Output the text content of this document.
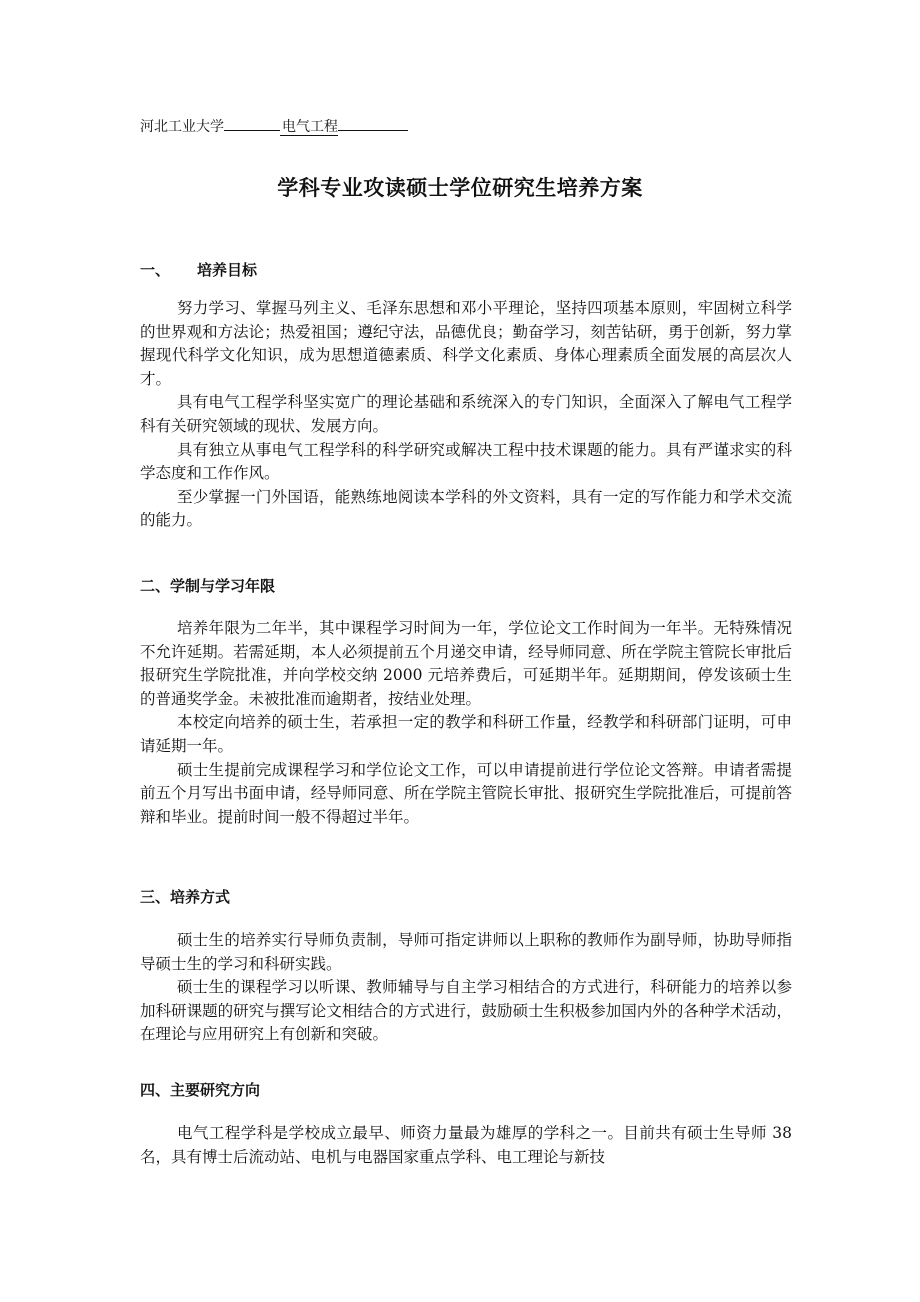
河北工业大学	电气工程
学科专业攻读硕士学位研究生培养方案
一、 培养目标

努力学习、掌握马列主义、毛泽东思想和邓小平理论，坚持四项基本原则，牢固树立科学的世界观和方法论；热爱祖国；遵纪守法，品德优良；勤奋学习，刻苦钻研，勇于创新，努力掌握现代科学文化知识，成为思想道德素质、科学文化素质、身体心理素质全面发展的高层次人才。

具有电气工程学科坚实宽广的理论基础和系统深入的专门知识，全面深入了解电气工程学科有关研究领域的现状、发展方向。

具有独立从事电气工程学科的科学研究或解决工程中技术课题的能力。具有严谨求实的科学态度和工作作风。

至少掌握一门外国语，能熟练地阅读本学科的外文资料，具有一定的写作能力和学术交流的能力。

二、学制与学习年限

培养年限为二年半，其中课程学习时间为一年，学位论文工作时间为一年半。无特殊情况不允许延期。若需延期，本人必须提前五个月递交申请，经导师同意、所在学院主管院长审批后报研究生学院批准，并向学校交纳 2000 元培养费后，可延期半年。延期期间，停发该硕士生的普通奖学金。未被批准而逾期者，按结业处理。

本校定向培养的硕士生，若承担一定的教学和科研工作量，经教学和科研部门证明，可申请延期一年。

硕士生提前完成课程学习和学位论文工作，可以申请提前进行学位论文答辩。申请者需提前五个月写出书面申请，经导师同意、所在学院主管院长审批、报研究生学院批准后，可提前答辩和毕业。提前时间一般不得超过半年。

三、培养方式

硕士生的培养实行导师负责制，导师可指定讲师以上职称的教师作为副导师，协助导师指导硕士生的学习和科研实践。

硕士生的课程学习以听课、教师辅导与自主学习相结合的方式进行，科研能力的培养以参加科研课题的研究与撰写论文相结合的方式进行，鼓励硕士生积极参加国内外的各种学术活动，在理论与应用研究上有创新和突破。

四、主要研究方向

电气工程学科是学校成立最早、师资力量最为雄厚的学科之一。目前共有硕士生导师 38 名，具有博士后流动站、电机与电器国家重点学科、电工理论与新技
